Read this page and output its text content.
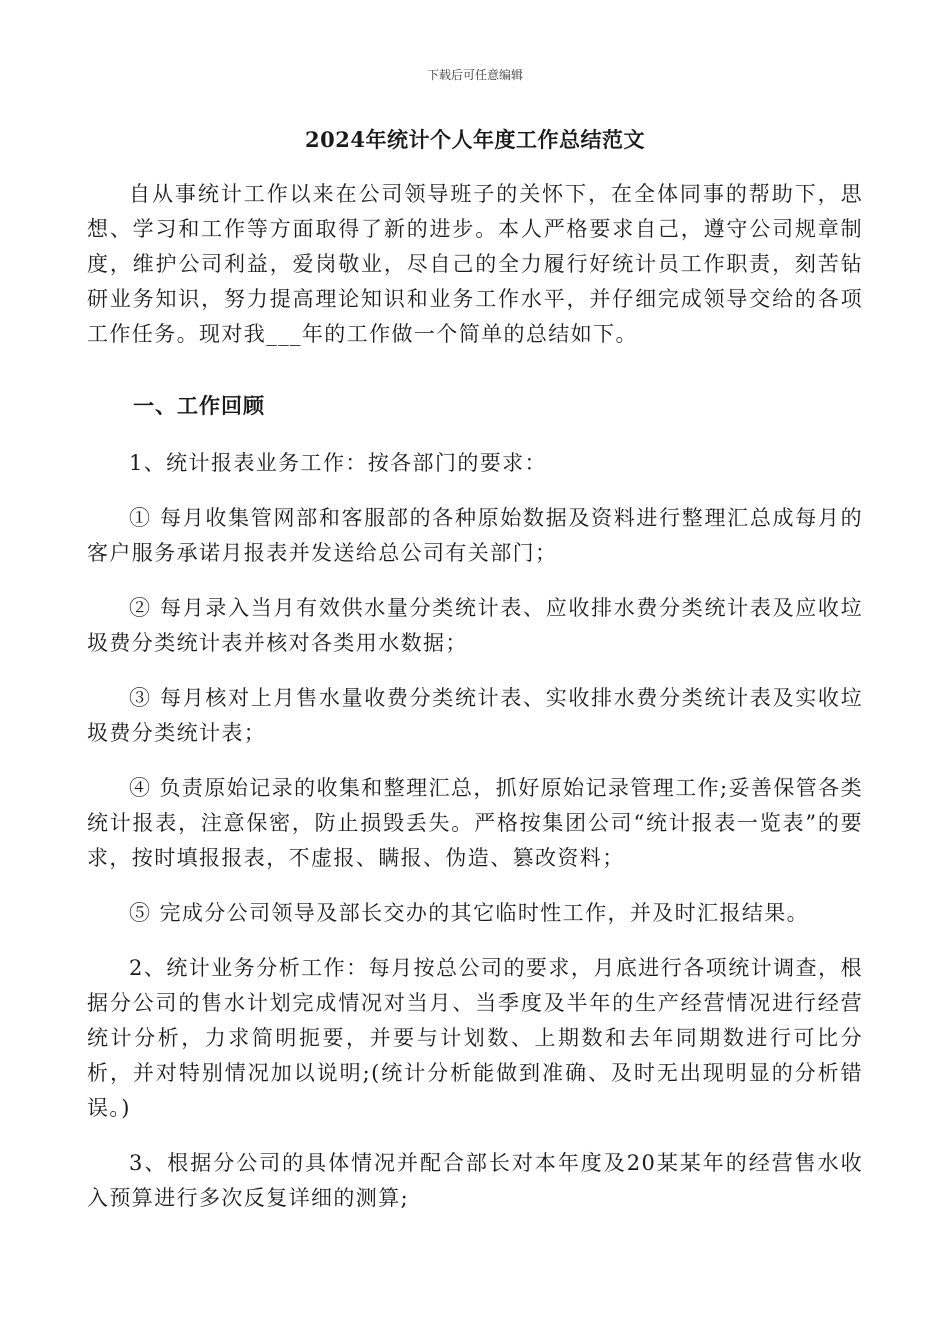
下载后可任意编辑
2024年统计个人年度工作总结范文

自从事统计工作以来在公司领导班子的关怀下，在全体同事的帮助下，思想、学习和工作等方面取得了新的进步。本人严格要求自己，遵守公司规章制度，维护公司利益，爱岗敬业，尽自己的全力履行好统计员工作职责，刻苦钻研业务知识，努力提高理论知识和业务工作水平，并仔细完成领导交给的各项工作任务。现对我___年的工作做一个简单的总结如下。

一、工作回顾

1、统计报表业务工作：按各部门的要求：

① 每月收集管网部和客服部的各种原始数据及资料进行整理汇总成每月的客户服务承诺月报表并发送给总公司有关部门；

② 每月录入当月有效供水量分类统计表、应收排水费分类统计表及应收垃圾费分类统计表并核对各类用水数据；

③ 每月核对上月售水量收费分类统计表、实收排水费分类统计表及实收垃圾费分类统计表；

④ 负责原始记录的收集和整理汇总，抓好原始记录管理工作;妥善保管各类统计报表，注意保密，防止损毁丢失。严格按集团公司“统计报表一览表”的要求，按时填报报表，不虚报、瞒报、伪造、篡改资料；

⑤ 完成分公司领导及部长交办的其它临时性工作，并及时汇报结果。

2、统计业务分析工作：每月按总公司的要求，月底进行各项统计调查，根据分公司的售水计划完成情况对当月、当季度及半年的生产经营情况进行经营统计分析，力求简明扼要，并要与计划数、上期数和去年同期数进行可比分析，并对特别情况加以说明;(统计分析能做到准确、及时无出现明显的分析错误。)

3、根据分公司的具体情况并配合部长对本年度及20某某年的经营售水收入预算进行多次反复详细的测算;
